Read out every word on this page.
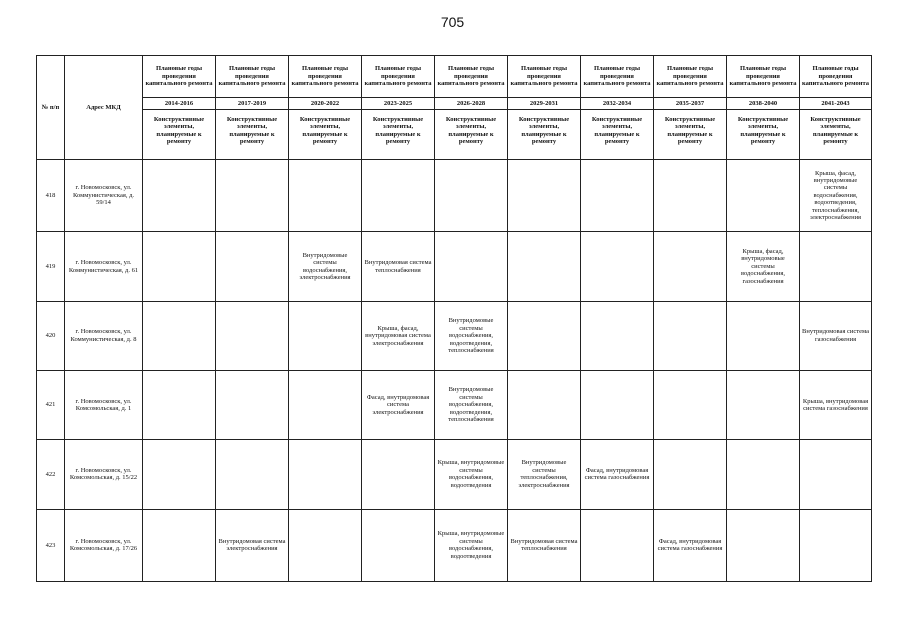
705
№ п/п	Адрес МКД	Плановые годы проведения капитального ремонта	Плановые годы проведения капитального ремонта	Плановые годы проведения капитального ремонта	Плановые годы проведения капитального ремонта	Плановые годы проведения капитального ремонта	Плановые годы проведения капитального ремонта	Плановые годы проведения капитального ремонта	Плановые годы проведения капитального ремонта	Плановые годы проведения капитального ремонта	Плановые годы проведения капитального ремонта
		2014-2016	2017-2019	2020-2022	2023-2025	2026-2028	2029-2031	2032-2034	2035-2037	2038-2040	2041-2043
		Конструктивные элементы, планируемые к ремонту	Конструктивные элементы, планируемые к ремонту	Конструктивные элементы, планируемые к ремонту	Конструктивные элементы, планируемые к ремонту	Конструктивные элементы, планируемые к ремонту	Конструктивные элементы, планируемые к ремонту	Конструктивные элементы, планируемые к ремонту	Конструктивные элементы, планируемые к ремонту	Конструктивные элементы, планируемые к ремонту	Конструктивные элементы, планируемые к ремонту
418	г. Новомосковск, ул. Коммунистическая, д. 59/14										Крыша, фасад, внутридомовые системы водоснабжения, водоотведения, теплоснабжения, электроснабжения
419	г. Новомосковск, ул. Коммунистическая, д. 61			Внутридомовые системы водоснабжения, электроснабжения	Внутридомовая система теплоснабжения					Крыша, фасад, внутридомовые системы водоснабжения, газоснабжения	
420	г. Новомосковск, ул. Коммунистическая, д. 8				Крыша, фасад, внутридомовая система электроснабжения	Внутридомовые системы водоснабжения, водоотведения, теплоснабжения					Внутридомовая система газоснабжения
421	г. Новомосковск, ул. Комсомольская, д. 1				Фасад, внутридомовая система электроснабжения	Внутридомовые системы водоснабжения, водоотведения, теплоснабжения					Крыша, внутридомовая система газоснабжения
422	г. Новомосковск, ул. Комсомольская, д. 15/22					Крыша, внутридомовые системы водоснабжения, водоотведения	Внутридомовые системы теплоснабжения, электроснабжения	Фасад, внутридомовая система газоснабжения			
423	г. Новомосковск, ул. Комсомольская, д. 17/26		Внутридомовая система электроснабжения			Крыша, внутридомовые системы водоснабжения, водоотведения	Внутридомовая система теплоснабжения		Фасад, внутридомовая система газоснабжения		
